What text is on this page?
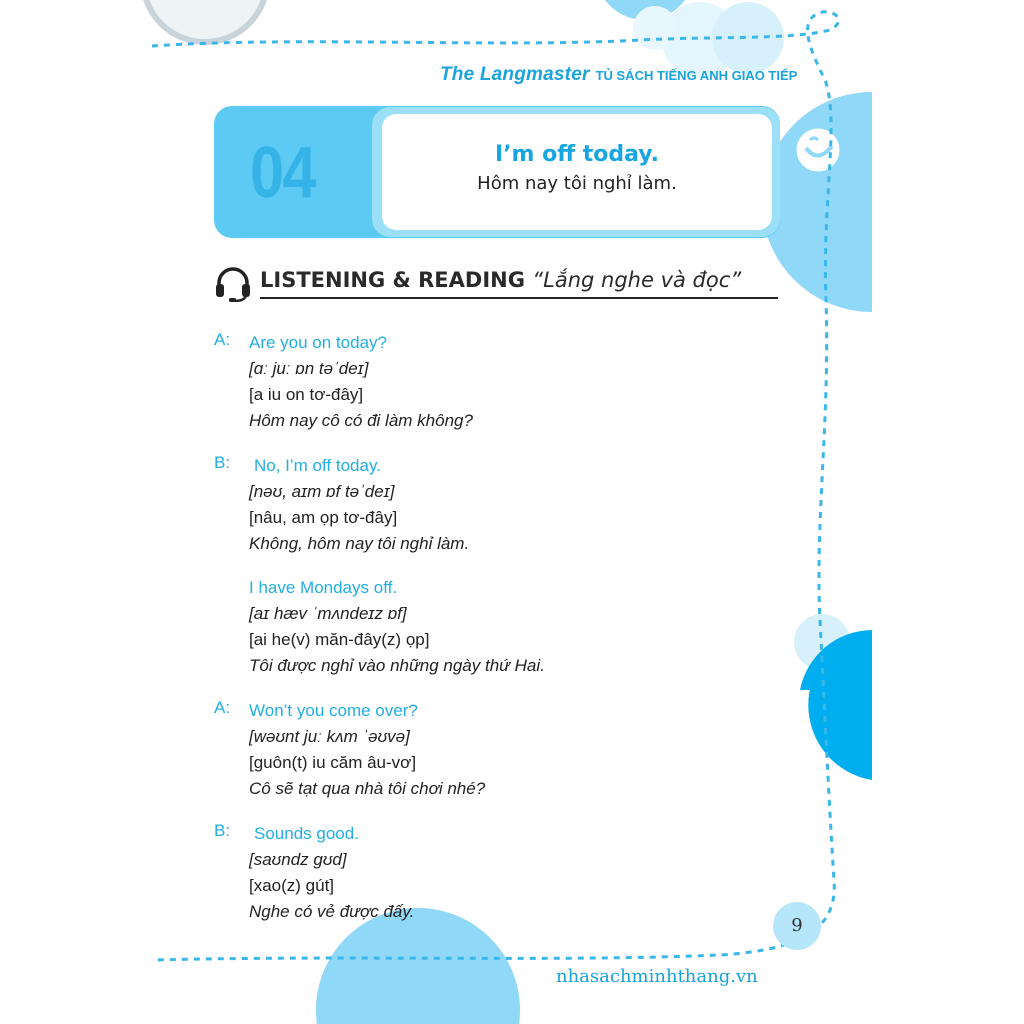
The Langmaster TỦ SÁCH TIẾNG ANH GIAO TIẾP
04	I’m off today.
Hôm nay tôi nghỉ làm.
LISTENING & READING “Lắng nghe và đọc”
A: Are you on today?
[ɑː juː ɒn təˈdeɪ]
[a iu on tơ-đây]
Hôm nay cô có đi làm không?
B: No, I’m off today.
[nəʊ, aɪm ɒf təˈdeɪ]
[nâu, am ọp tơ-đây]
Không, hôm nay tôi nghỉ làm.
I have Mondays off.
[aɪ hæv ˈmʌndeɪz ɒf]
[ai he(v) măn-đây(z) ọp]
Tôi được nghỉ vào những ngày thứ Hai.
A: Won’t you come over?
[wəʊnt juː kʌm ˈəʊvə]
[guôn(t) iu căm âu-vơ]
Cô sẽ tạt qua nhà tôi chơi nhé?
B: Sounds good.
[saʊndz gʊd]
[xao(z) gút]
Nghe có vẻ được đấy.
9
nhasachminhthang.vn
